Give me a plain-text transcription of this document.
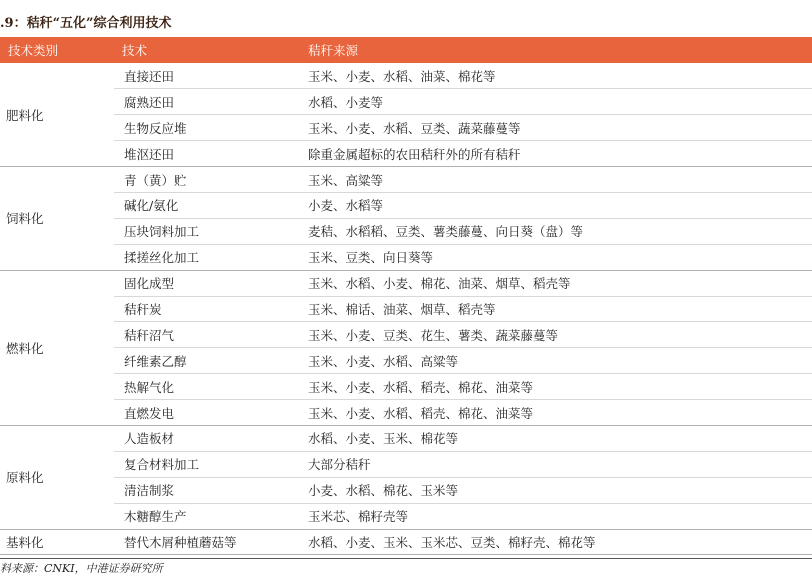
.9：秸秆“五化”综合利用技术
技术类别	技术	秸秆来源
肥料化	直接还田	玉米、小麦、水稻、油菜、棉花等
	腐熟还田	水稻、小麦等
	生物反应堆	玉米、小麦、水稻、豆类、蔬菜藤蔓等
	堆沤还田	除重金属超标的农田秸秆外的所有秸秆
饲料化	青（黄）贮	玉米、高粱等
	碱化/氨化	小麦、水稻等
	压块饲料加工	麦秸、水稻稻、豆类、薯类藤蔓、向日葵（盘）等
	揉搓丝化加工	玉米、豆类、向日葵等
燃料化	固化成型	玉米、水稻、小麦、棉花、油菜、烟草、稻壳等
	秸秆炭	玉米、棉话、油菜、烟草、稻壳等
	秸秆沼气	玉米、小麦、豆类、花生、薯类、蔬菜藤蔓等
	纤维素乙醇	玉米、小麦、水稻、高粱等
	热解气化	玉米、小麦、水稻、稻壳、棉花、油菜等
	直燃发电	玉米、小麦、水稻、稻壳、棉花、油菜等
原料化	人造板材	水稻、小麦、玉米、棉花等
	复合材料加工	大部分秸秆
	清洁制浆	小麦、水稻、棉花、玉米等
	木糖醇生产	玉米芯、棉籽壳等
基料化	替代木屑种植蘑菇等	水稻、小麦、玉米、玉米芯、豆类、棉籽壳、棉花等
料来源：CNKI，中港证券研究所
